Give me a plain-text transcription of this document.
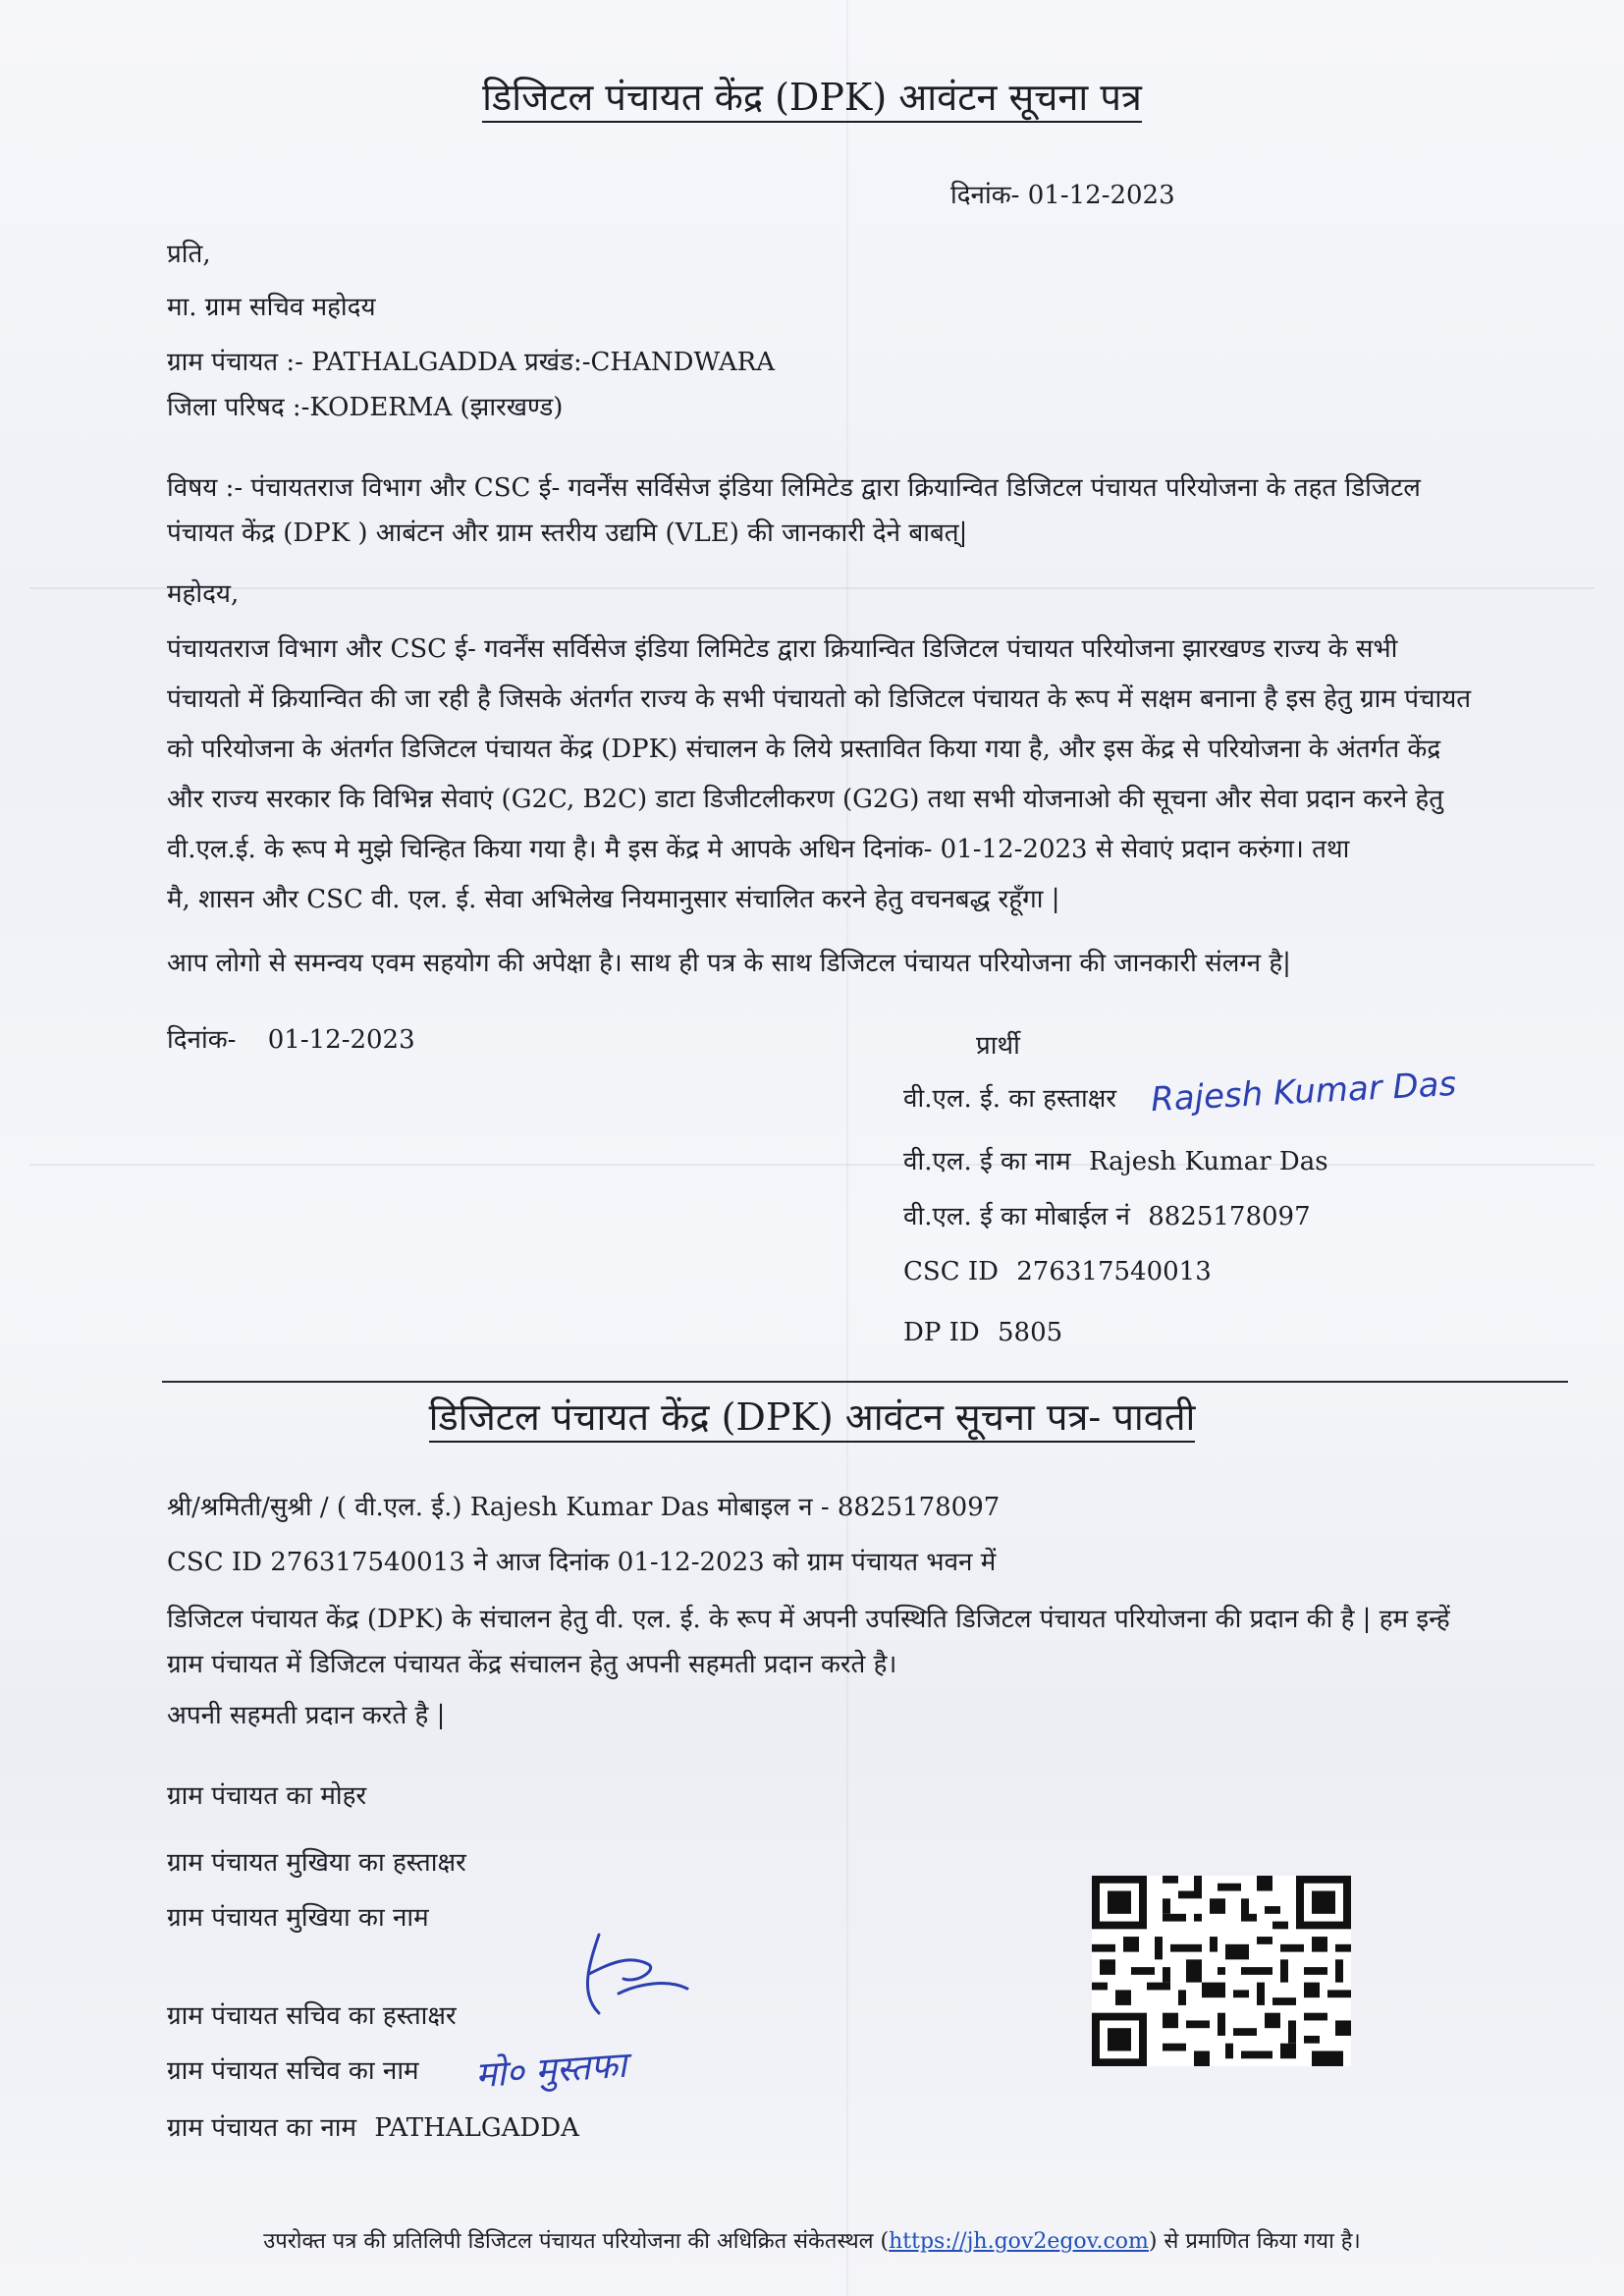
डिजिटल पंचायत केंद्र (DPK) आवंटन सूचना पत्र
दिनांक- 01-12-2023
प्रति,
मा. ग्राम सचिव महोदय
ग्राम पंचायत :- PATHALGADDA प्रखंड:-CHANDWARA
जिला परिषद :-KODERMA (झारखण्ड)
विषय :- पंचायतराज विभाग और CSC ई- गवर्नेंस सर्विसेज इंडिया लिमिटेड द्वारा क्रियान्वित डिजिटल पंचायत परियोजना के तहत डिजिटल
पंचायत केंद्र (DPK ) आबंटन और ग्राम स्तरीय उद्यमि (VLE) की जानकारी देने बाबत्|
महोदय,

पंचायतराज विभाग और CSC ई- गवर्नेंस सर्विसेज इंडिया लिमिटेड द्वारा क्रियान्वित डिजिटल पंचायत परियोजना झारखण्ड राज्य के सभी

पंचायतो में क्रियान्वित की जा रही है जिसके अंतर्गत राज्य के सभी पंचायतो को डिजिटल पंचायत के रूप में सक्षम बनाना है इस हेतु ग्राम पंचायत

को परियोजना के अंतर्गत डिजिटल पंचायत केंद्र (DPK) संचालन के लिये प्रस्तावित किया गया है, और इस केंद्र से परियोजना के अंतर्गत केंद्र

और राज्य सरकार कि विभिन्न सेवाएं (G2C, B2C) डाटा डिजीटलीकरण (G2G) तथा सभी योजनाओ की सूचना और सेवा प्रदान करने हेतु

वी.एल.ई. के रूप मे मुझे चिन्हित किया गया है। मै इस केंद्र मे आपके अधिन दिनांक- 01-12-2023 से सेवाएं प्रदान करुंगा। तथा

मै, शासन और CSC वी. एल. ई. सेवा अभिलेख नियमानुसार संचालित करने हेतु वचनबद्ध रहूँगा |

आप लोगो से समन्वय एवम सहयोग की अपेक्षा है। साथ ही पत्र के साथ डिजिटल पंचायत परियोजना की जानकारी संलग्न है|
दिनांक- 01-12-2023	प्रार्थी
वी.एल. ई. का हस्ताक्षर Rajesh Kumar Das
वी.एल. ई का नाम Rajesh Kumar Das
वी.एल. ई का मोबाईल नं 8825178097
CSC ID 276317540013
DP ID 5805
डिजिटल पंचायत केंद्र (DPK) आवंटन सूचना पत्र- पावती
श्री/श्रमिती/सुश्री / ( वी.एल. ई.) Rajesh Kumar Das मोबाइल न - 8825178097
CSC ID 276317540013 ने आज दिनांक 01-12-2023 को ग्राम पंचायत भवन में
डिजिटल पंचायत केंद्र (DPK) के संचालन हेतु वी. एल. ई. के रूप में अपनी उपस्थिति डिजिटल पंचायत परियोजना की प्रदान की है | हम इन्हें
ग्राम पंचायत में डिजिटल पंचायत केंद्र संचालन हेतु अपनी सहमती प्रदान करते है।
अपनी सहमती प्रदान करते है |
ग्राम पंचायत का मोहर
ग्राम पंचायत मुखिया का हस्ताक्षर
ग्राम पंचायत मुखिया का नाम
ग्राम पंचायत सचिव का हस्ताक्षर
ग्राम पंचायत सचिव का नाम
ग्राम पंचायत का नाम PATHALGADDA
मो० मुस्तफा
उपरोक्त पत्र की प्रतिलिपी डिजिटल पंचायत परियोजना की अधिक्रित संकेतस्थल (https://jh.gov2egov.com) से प्रमाणित किया गया है।
